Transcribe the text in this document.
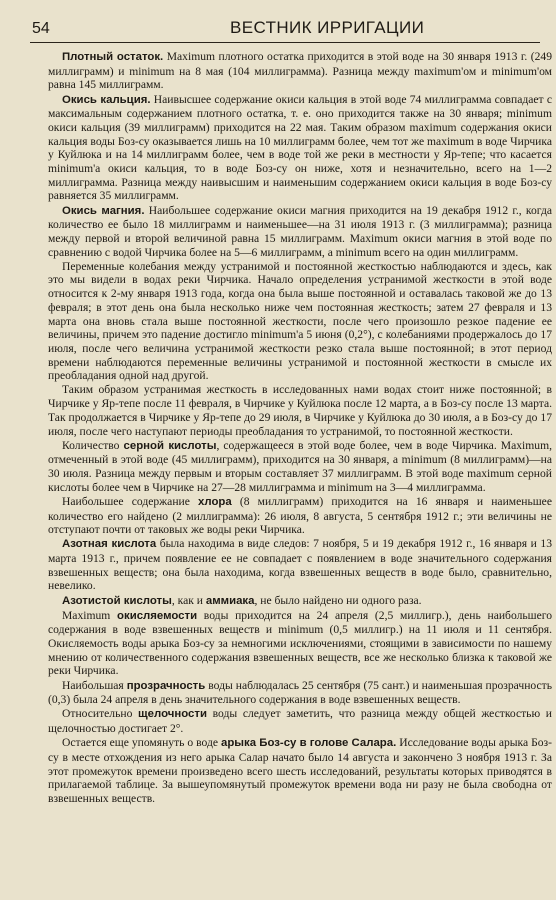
54	ВЕСТНИК ИРРИГАЦИИ

Плотный остаток. Maximum плотного остатка приходится в этой воде на 30 января 1913 г. (249 миллиграмм) и minimum на 8 мая (104 миллиграмма). Разница между maximum'ом и minimum'ом равна 145 миллиграмм.

Окись кальция. Наивысшее содержание окиси кальция в этой воде 74 миллиграмма совпадает с максимальным содержанием плотного остатка, т. е. оно приходится также на 30 января; minimum окиси кальция (39 миллиграмм) приходится на 22 мая. Таким образом maximum содержания окиси кальция воды Боз-су оказывается лишь на 10 миллиграмм более, чем тот же maximum в воде Чирчика у Куйлюка и на 14 миллиграмм более, чем в воде той же реки в местности у Яр-тепе; что касается minimum'а окиси кальция, то в воде Боз-су он ниже, хотя и незначительно, всего на 1—2 миллиграмма. Разница между наивысшим и наименьшим содержанием окиси кальция в воде Боз-су равняется 35 миллиграмм.

Окись магния. Наибольшее содержание окиси магния приходится на 19 декабря 1912 г., когда количество ее было 18 миллиграмм и наименьшее—на 31 июля 1913 г. (3 миллиграмма); разница между первой и второй величиной равна 15 миллиграмм. Maximum окиси магния в этой воде по сравнению с водой Чирчика более на 5—6 миллиграмм, а minimum всего на один миллиграмм.

Переменные колебания между устранимой и постоянной жесткостью наблюдаются и здесь, как это мы видели в водах реки Чирчика. Начало определения устранимой жесткости в этой воде относится к 2-му января 1913 года, когда она была выше постоянной и оставалась таковой же до 13 февраля; в этот день она была несколько ниже чем постоянная жесткость; затем 27 февраля и 13 марта она вновь стала выше постоянной жесткости, после чего произошло резкое падение ее величины, причем это падение достигло minimum'а 5 июня (0,2°), с колебаниями продержалось до 17 июля, после чего величина устранимой жесткости резко стала выше постоянной; в этот период времени наблюдаются переменные величины устранимой и постоянной жесткости в смысле их преобладания одной над другой.

Таким образом устранимая жесткость в исследованных нами водах стоит ниже постоянной; в Чирчике у Яр-тепе после 11 февраля, в Чирчике у Куйлюка после 12 марта, а в Боз-су после 13 марта. Так продолжается в Чирчике у Яр-тепе до 29 июля, в Чирчике у Куйлюка до 30 июля, а в Боз-су до 17 июля, после чего наступают периоды преобладания то устранимой, то постоянной жесткости.

Количество серной кислоты, содержащееся в этой воде более, чем в воде Чирчика. Maximum, отмеченный в этой воде (45 миллиграмм), приходится на 30 января, а minimum (8 миллиграмм)—на 30 июля. Разница между первым и вторым составляет 37 миллиграмм. В этой воде maximum серной кислоты более чем в Чирчике на 27—28 миллиграмма и minimum на 3—4 миллиграмма.

Наибольшее содержание хлора (8 миллиграмм) приходится на 16 января и наименьшее количество его найдено (2 миллиграмма): 26 июля, 8 августа, 5 сентября 1912 г.; эти величины не отступают почти от таковых же воды реки Чирчика.

Азотная кислота была находима в виде следов: 7 ноября, 5 и 19 декабря 1912 г., 16 января и 13 марта 1913 г., причем появление ее не совпадает с появлением в воде значительного содержания взвешенных веществ; она была находима, когда взвешенных веществ в воде было, сравнительно, невелико.

Азотистой кислоты, как и аммиака, не было найдено ни одного раза.

Maximum окисляемости воды приходится на 24 апреля (2,5 миллигр.), день наибольшего содержания в воде взвешенных веществ и minimum (0,5 миллигр.) на 11 июля и 11 сентября. Окисляемость воды арыка Боз-су за немногими исключениями, стоящими в зависимости по нашему мнению от количественного содержания взвешенных веществ, все же несколько близка к таковой же реки Чирчика.

Наибольшая прозрачность воды наблюдалась 25 сентября (75 сант.) и наименьшая прозрачность (0,3) была 24 апреля в день значительного содержания в воде взвешенных веществ.

Относительно щелочности воды следует заметить, что разница между общей жесткостью и щелочностью достигает 2°.

Остается еще упомянуть о воде арыка Боз-су в голове Салара. Исследование воды арыка Боз-су в месте отхождения из него арыка Салар начато было 14 августа и закончено 3 ноября 1913 г. За этот промежуток времени произведено всего шесть исследований, результаты которых приводятся в прилагаемой таблице. За вышеупомянутый промежуток времени вода ни разу не была свободна от взвешенных веществ.
